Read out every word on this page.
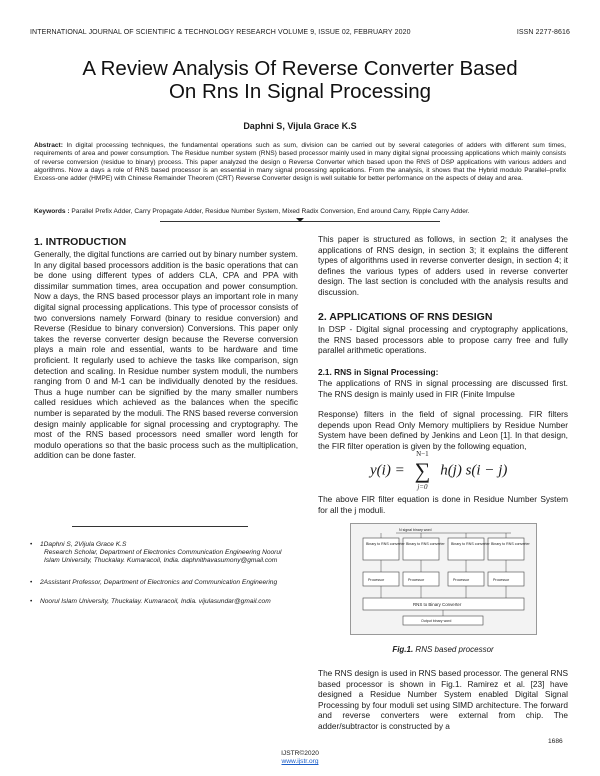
INTERNATIONAL JOURNAL OF SCIENTIFIC & TECHNOLOGY RESEARCH VOLUME 9, ISSUE 02, FEBRUARY 2020	ISSN 2277-8616
A Review Analysis Of Reverse Converter Based
On Rns In Signal Processing
Daphni S, Vijula Grace K.S
Abstract: In digital processing techniques, the fundamental operations such as sum, division can be carried out by several categories of adders with different sum times, requirements of area and power consumption. The Residue number system (RNS) based processor mainly used in many digital signal processing applications which mainly consists of reverse conversion (residue to binary) process. This paper analyzed the design o Reverse Converter which based upon the RNS of DSP applications with various adders and algorithms. Now a days a role of RNS based processor is an essential in many signal processing applications. From the analysis, it shows that the Hybrid modulo Parallel–prefix Excess-one adder (HMPE) with Chinese Remainder Theorem (CRT) Reverse Converter design is well suitable for better performance on the aspects of delay and area.
Keywords : Parallel Prefix Adder, Carry Propagate Adder, Residue Number System, Mixed Radix Conversion, End around Carry, Ripple Carry Adder.
1. INTRODUCTION
Generally, the digital functions are carried out by binary number system. In any digital based processors addition is the basic operations that can be done using different types of adders CLA, CPA and PPA with dissimilar summation times, area occupation and power consumption. Now a days, the RNS based processor plays an important role in many digital signal processing applications. This type of processor consists of two conversions namely Forward (binary to residue conversion) and Reverse (Residue to binary conversion) Conversions. This paper only takes the reverse converter design because the Reverse conversion plays a main role and essential, wants to be hardware and time proficient. It regularly used to achieve the tasks like comparison, sign detection and scaling. In Residue number system moduli, the numbers ranging from 0 and M-1 can be individually denoted by the residues. Thus a huge number can be signified by the many smaller numbers called residues which achieved as the balances when the specific number is separated by the moduli. The RNS based reverse conversion design mainly applicable for signal processing and cryptography. The most of the RNS based processors need smaller word length for modulo operations so that the basic process such as the multiplication, addition can be done faster.
• 1Daphni S, 2Vijula Grace K.S
Research Scholar, Department of Electronics Communication Engineering Noorul Islam University, Thuckalay. Kumaracoil, India. daphnithavasumony@gmail.com
• 2Assistant Professor, Department of Electronics and Communication Engineering
• Noorul Islam University, Thuckalay. Kumaracoil, India. vijulasundar@gmail.com
This paper is structured as follows, in section 2; it analyses the applications of RNS design, in section 3; it explains the different types of algorithms used in reverse converter design, in section 4; it defines the various types of adders used in reverse converter design. The last section is concluded with the analysis results and discussion.
2. APPLICATIONS OF RNS DESIGN
In DSP - Digital signal processing and cryptography applications, the RNS based processors able to propose carry free and fully parallel arithmetic operations.
2.1. RNS in Signal Processing:
The applications of RNS in signal processing are discussed first. The RNS design is mainly used in FIR (Finite Impulse
Response) filters in the field of signal processing. FIR filters depends upon Read Only Memory multipliers by Residue Number System have been defined by Jenkins and Leon [1]. In that design, the FIR filter operation is given by the following equation,
y(i) =
N−1
∑
j=0
h(j) s(i − j)
The above FIR filter equation is done in Residue Number System for all the j moduli.
N signal binary word
Binary to RNS converter Binary to RNS converter Binary to RNS converter Binary to RNS converter
Processor	Processor	Processor	Processor
RNS to Binary Converter
Output binary word
Fig.1. RNS based processor
The RNS design is used in RNS based processor. The general RNS based processor is shown in Fig.1. Ramirez et al. [23] have designed a Residue Number System enabled Digital Signal Processing by four moduli set using SIMD architecture. The forward and reverse converters were external from chip. The adder/subtractor is constructed by a
1686
IJSTR©2020
www.ijstr.org
